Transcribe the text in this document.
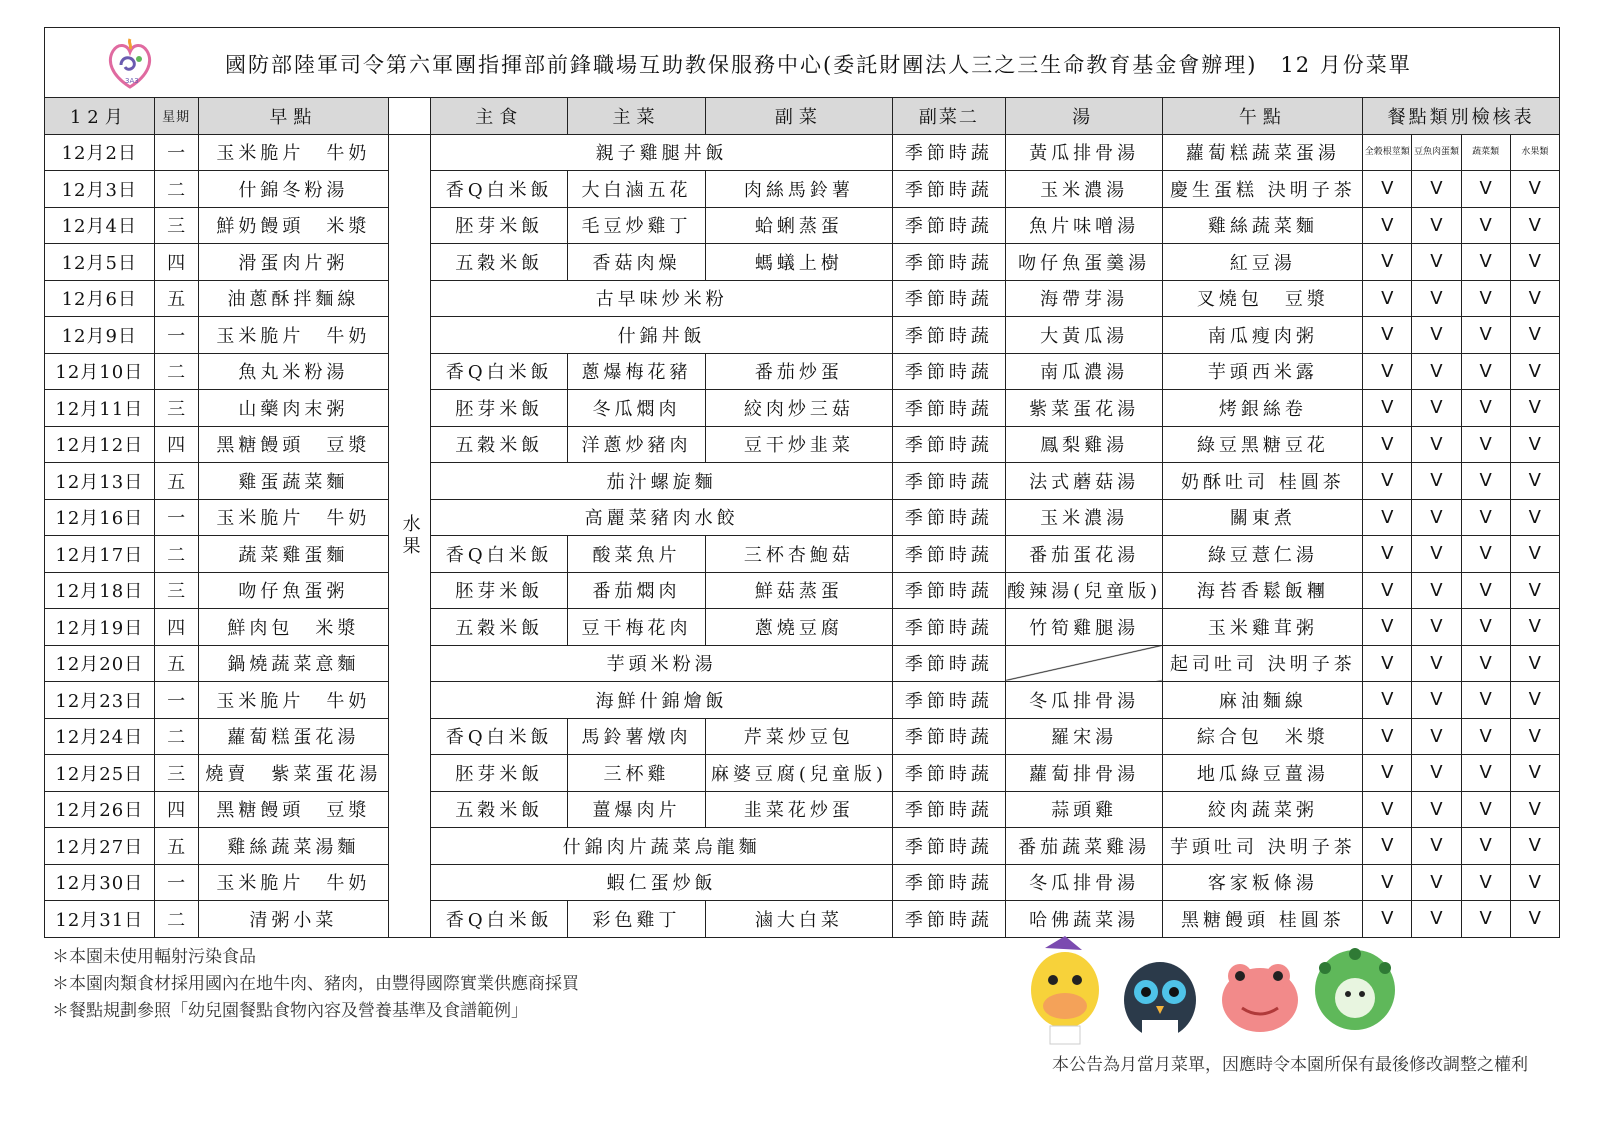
3A3
國防部陸軍司令第六軍團指揮部前鋒職場互助教保服務中心(委託財團法人三之三生命教育基金會辦理)　12 月份菜單
12月	星期	早點		主食	主菜	副菜	副菜二	湯	午點	餐點類別檢核表			
12月2日	一	玉米脆片　牛奶	水果	親子雞腿丼飯			季節時蔬	黃瓜排骨湯	蘿蔔糕蔬菜蛋湯	全穀根莖類	豆魚肉蛋類	蔬菜類	水果類
12月3日	二	什錦冬粉湯		香Q白米飯	大白滷五花	肉絲馬鈴薯	季節時蔬	玉米濃湯	慶生蛋糕 決明子茶	V	V	V	V
12月4日	三	鮮奶饅頭　米漿		胚芽米飯	毛豆炒雞丁	蛤蜊蒸蛋	季節時蔬	魚片味噌湯	雞絲蔬菜麵	V	V	V	V
12月5日	四	滑蛋肉片粥		五穀米飯	香菇肉燥	螞蟻上樹	季節時蔬	吻仔魚蛋羹湯	紅豆湯	V	V	V	V
12月6日	五	油蔥酥拌麵線		古早味炒米粉			季節時蔬	海帶芽湯	叉燒包　豆漿	V	V	V	V
12月9日	一	玉米脆片　牛奶		什錦丼飯			季節時蔬	大黃瓜湯	南瓜瘦肉粥	V	V	V	V
12月10日	二	魚丸米粉湯		香Q白米飯	蔥爆梅花豬	番茄炒蛋	季節時蔬	南瓜濃湯	芋頭西米露	V	V	V	V
12月11日	三	山藥肉末粥		胚芽米飯	冬瓜燜肉	絞肉炒三菇	季節時蔬	紫菜蛋花湯	烤銀絲卷	V	V	V	V
12月12日	四	黑糖饅頭　豆漿		五穀米飯	洋蔥炒豬肉	豆干炒韭菜	季節時蔬	鳳梨雞湯	綠豆黑糖豆花	V	V	V	V
12月13日	五	雞蛋蔬菜麵		茄汁螺旋麵			季節時蔬	法式蘑菇湯	奶酥吐司 桂圓茶	V	V	V	V
12月16日	一	玉米脆片　牛奶		高麗菜豬肉水餃			季節時蔬	玉米濃湯	關東煮	V	V	V	V
12月17日	二	蔬菜雞蛋麵		香Q白米飯	酸菜魚片	三杯杏鮑菇	季節時蔬	番茄蛋花湯	綠豆薏仁湯	V	V	V	V
12月18日	三	吻仔魚蛋粥		胚芽米飯	番茄燜肉	鮮菇蒸蛋	季節時蔬	酸辣湯(兒童版)	海苔香鬆飯糰	V	V	V	V
12月19日	四	鮮肉包　米漿		五穀米飯	豆干梅花肉	蔥燒豆腐	季節時蔬	竹筍雞腿湯	玉米雞茸粥	V	V	V	V
12月20日	五	鍋燒蔬菜意麵		芋頭米粉湯			季節時蔬		起司吐司 決明子茶	V	V	V	V
12月23日	一	玉米脆片　牛奶		海鮮什錦燴飯			季節時蔬	冬瓜排骨湯	麻油麵線	V	V	V	V
12月24日	二	蘿蔔糕蛋花湯		香Q白米飯	馬鈴薯燉肉	芹菜炒豆包	季節時蔬	羅宋湯	綜合包　米漿	V	V	V	V
12月25日	三	燒賣　紫菜蛋花湯		胚芽米飯	三杯雞	麻婆豆腐(兒童版)	季節時蔬	蘿蔔排骨湯	地瓜綠豆薑湯	V	V	V	V
12月26日	四	黑糖饅頭　豆漿		五穀米飯	薑爆肉片	韭菜花炒蛋	季節時蔬	蒜頭雞	絞肉蔬菜粥	V	V	V	V
12月27日	五	雞絲蔬菜湯麵		什錦肉片蔬菜烏龍麵			季節時蔬	番茄蔬菜雞湯	芋頭吐司 決明子茶	V	V	V	V
12月30日	一	玉米脆片　牛奶		蝦仁蛋炒飯			季節時蔬	冬瓜排骨湯	客家粄條湯	V	V	V	V
12月31日	二	清粥小菜		香Q白米飯	彩色雞丁	滷大白菜	季節時蔬	哈佛蔬菜湯	黑糖饅頭 桂圓茶	V	V	V	V
＊本園未使用輻射污染食品
＊本園肉類食材採用國內在地牛肉、豬肉，由豐得國際實業供應商採買
＊餐點規劃參照「幼兒園餐點食物內容及營養基準及食譜範例」
本公告為月當月菜單，因應時令本園所保有最後修改調整之權利
